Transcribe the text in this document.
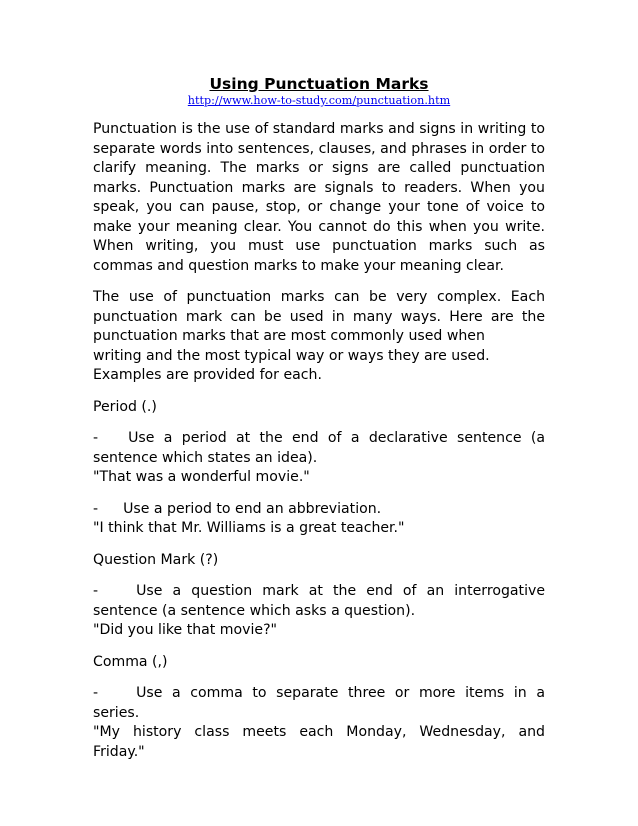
Using Punctuation Marks
http://www.how-to-study.com/punctuation.htm

Punctuation is the use of standard marks and signs in writing to separate words into sentences, clauses, and phrases in order to clarify meaning. The marks or signs are called punctuation marks. Punctuation marks are signals to readers. When you speak, you can pause, stop, or change your tone of voice to make your meaning clear. You cannot do this when you write. When writing, you must use punctuation marks such as commas and question marks to make your meaning clear.

The use of punctuation marks can be very complex. Each punctuation mark can be used in many ways. Here are the punctuation marks that are most commonly used when
writing and the most typical way or ways they are used.
Examples are provided for each.

Period (.)

-	Use a period at the end of a declarative sentence (a
sentence which states an idea).
"That was a wonderful movie."

-	Use a period to end an abbreviation.
"I think that Mr. Williams is a great teacher."

Question Mark (?)

-	Use a question mark at the end of an interrogative
sentence (a sentence which asks a question).
"Did you like that movie?"

Comma (,)

-	Use a comma to separate three or more items in a
series.
"My history class meets each Monday, Wednesday, and
Friday."
